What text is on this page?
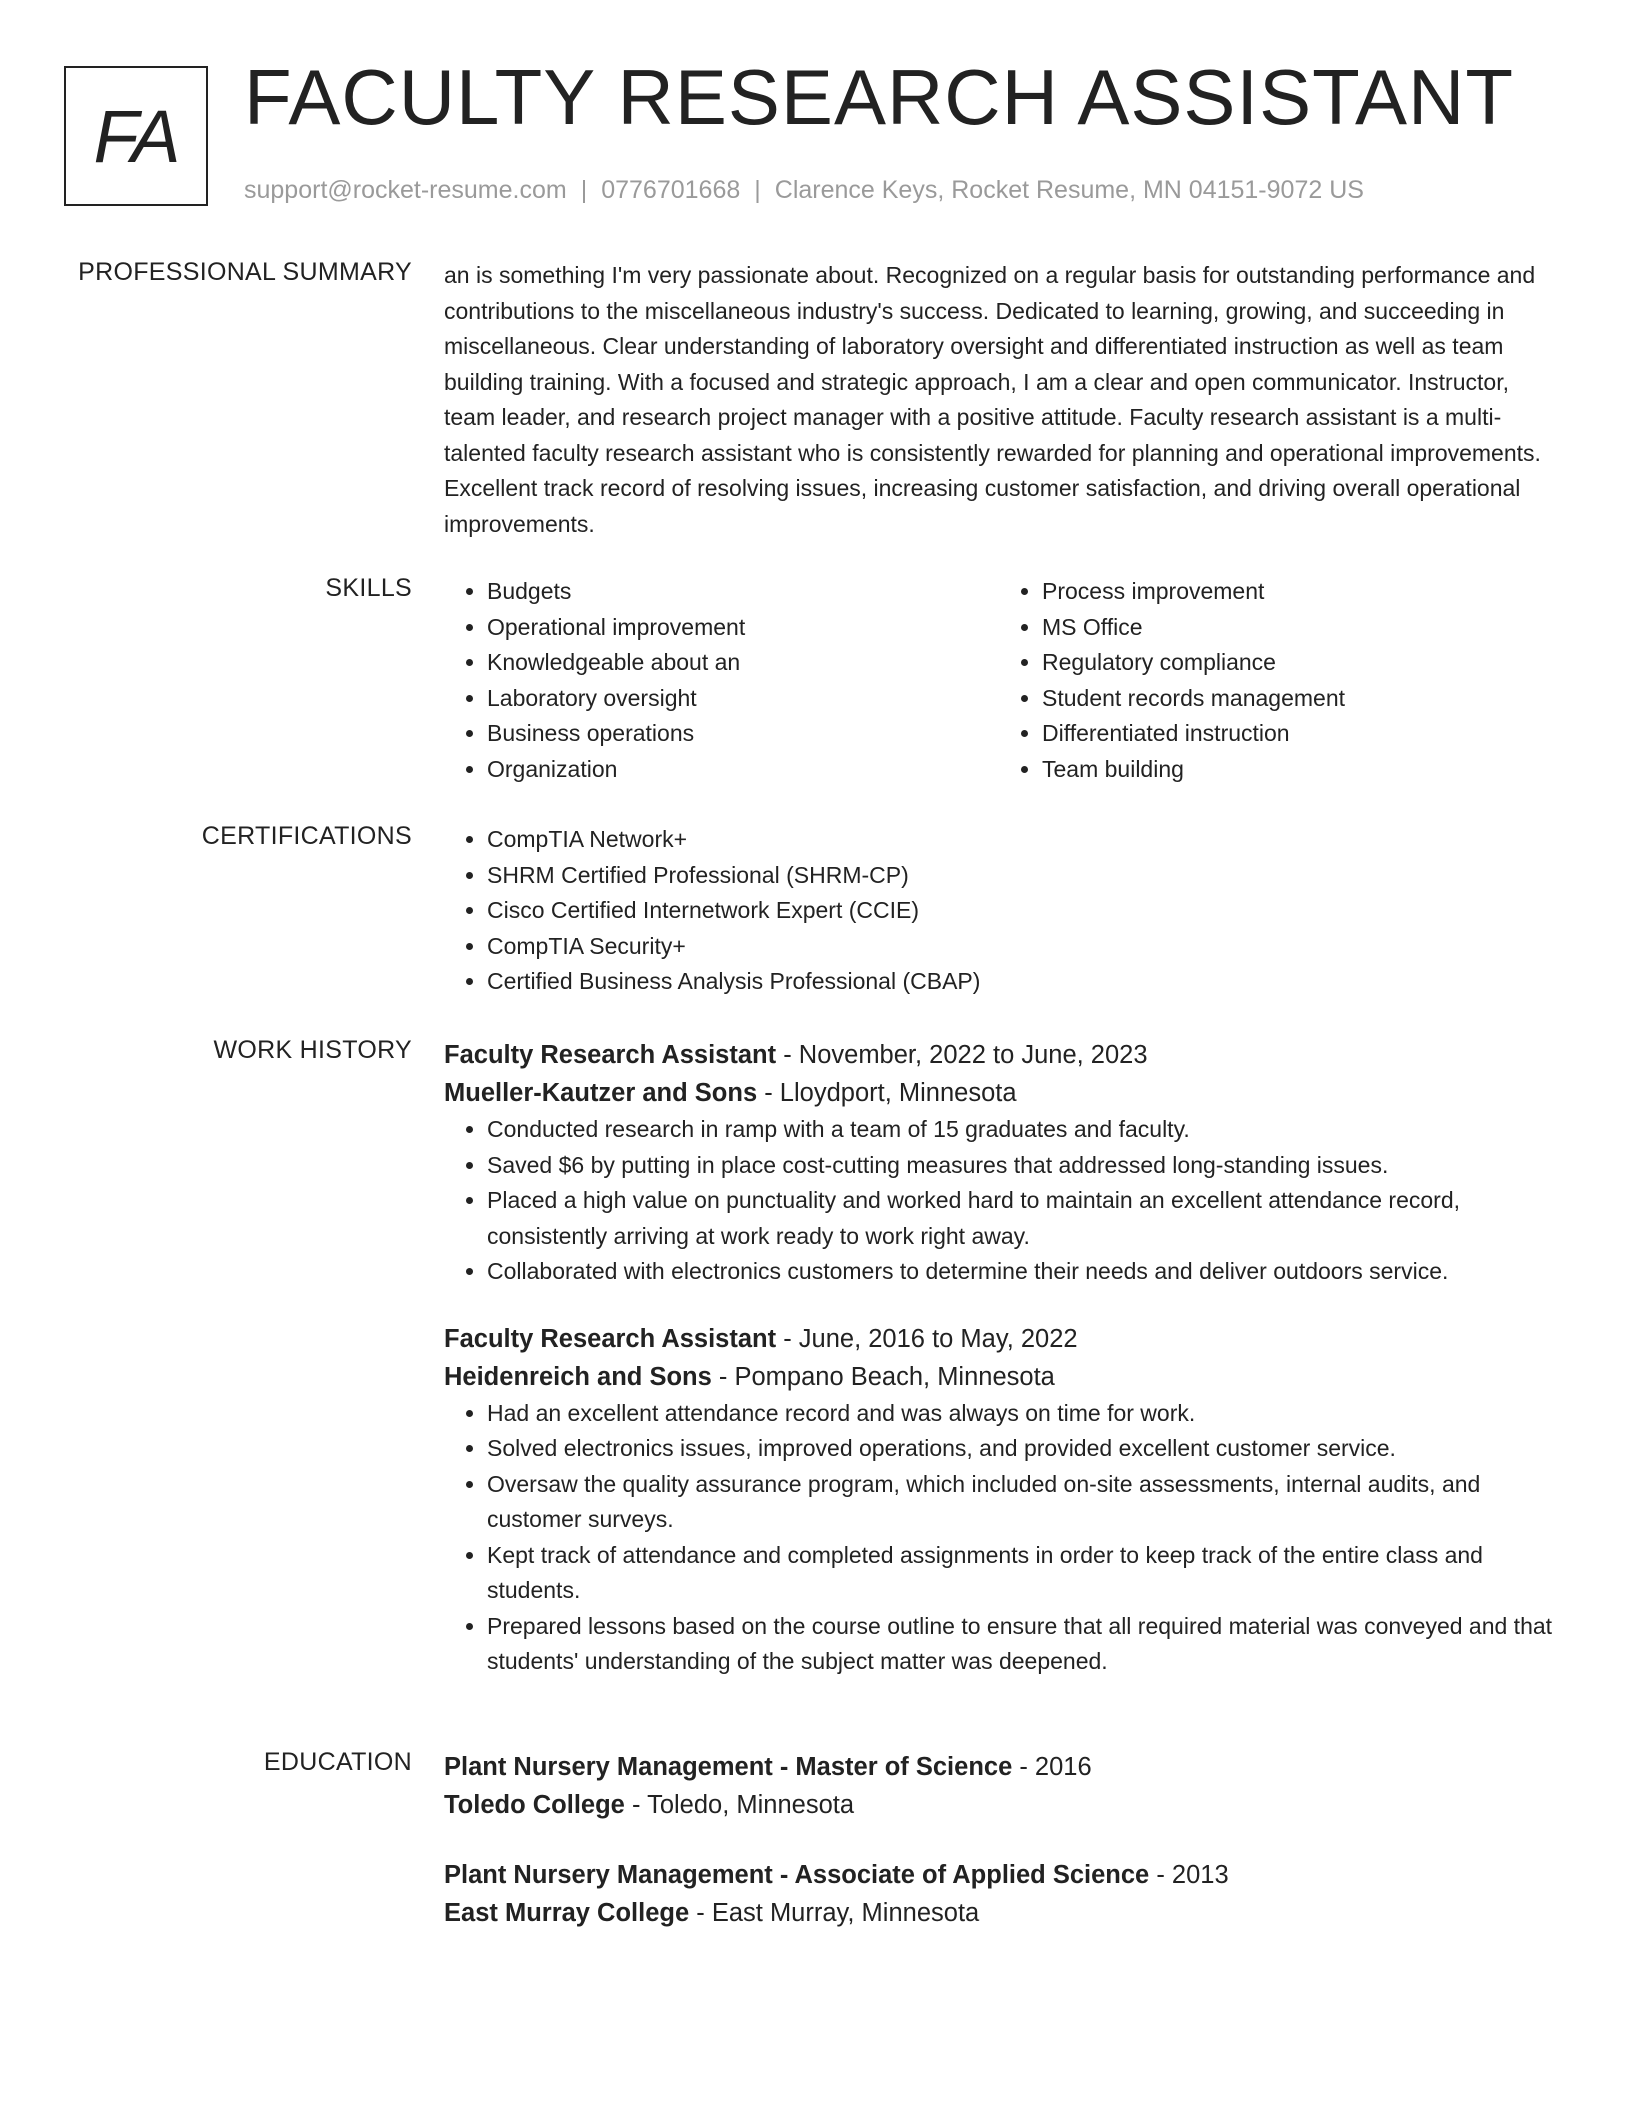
FA FACULTY RESEARCH ASSISTANT
support@rocket-resume.com | 0776701668 | Clarence Keys, Rocket Resume, MN 04151-9072 US
PROFESSIONAL SUMMARY an is something I'm very passionate about. Recognized on a regular basis for outstanding performance and contributions to the miscellaneous industry's success. Dedicated to learning, growing, and succeeding in miscellaneous. Clear understanding of laboratory oversight and differentiated instruction as well as team building training. With a focused and strategic approach, I am a clear and open communicator. Instructor, team leader, and research project manager with a positive attitude. Faculty research assistant is a multi-talented faculty research assistant who is consistently rewarded for planning and operational improvements. Excellent track record of resolving issues, increasing customer satisfaction, and driving overall operational improvements.

SKILLS	• Budgets
• Operational improvement
• Knowledgeable about an
• Laboratory oversight
• Business operations
• Organization
• Process improvement
• MS Office
• Regulatory compliance
• Student records management
• Differentiated instruction
• Team building
CERTIFICATIONS	• CompTIA Network+
• SHRM Certified Professional (SHRM-CP)
• Cisco Certified Internetwork Expert (CCIE)
• CompTIA Security+
• Certified Business Analysis Professional (CBAP)
WORK HISTORY Faculty Research Assistant - November, 2022 to June, 2023
Mueller-Kautzer and Sons - Lloydport, Minnesota
• Conducted research in ramp with a team of 15 graduates and faculty.
• Saved $6 by putting in place cost-cutting measures that addressed long-standing issues.
• Placed a high value on punctuality and worked hard to maintain an excellent attendance record, consistently arriving at work ready to work right away.
• Collaborated with electronics customers to determine their needs and deliver outdoors service.
Faculty Research Assistant - June, 2016 to May, 2022
Heidenreich and Sons - Pompano Beach, Minnesota
• Had an excellent attendance record and was always on time for work.
• Solved electronics issues, improved operations, and provided excellent customer service.
• Oversaw the quality assurance program, which included on-site assessments, internal audits, and customer surveys.
• Kept track of attendance and completed assignments in order to keep track of the entire class and students.
• Prepared lessons based on the course outline to ensure that all required material was conveyed and that students' understanding of the subject matter was deepened.
EDUCATION Plant Nursery Management - Master of Science - 2016
Toledo College - Toledo, Minnesota
Plant Nursery Management - Associate of Applied Science - 2013
East Murray College - East Murray, Minnesota
